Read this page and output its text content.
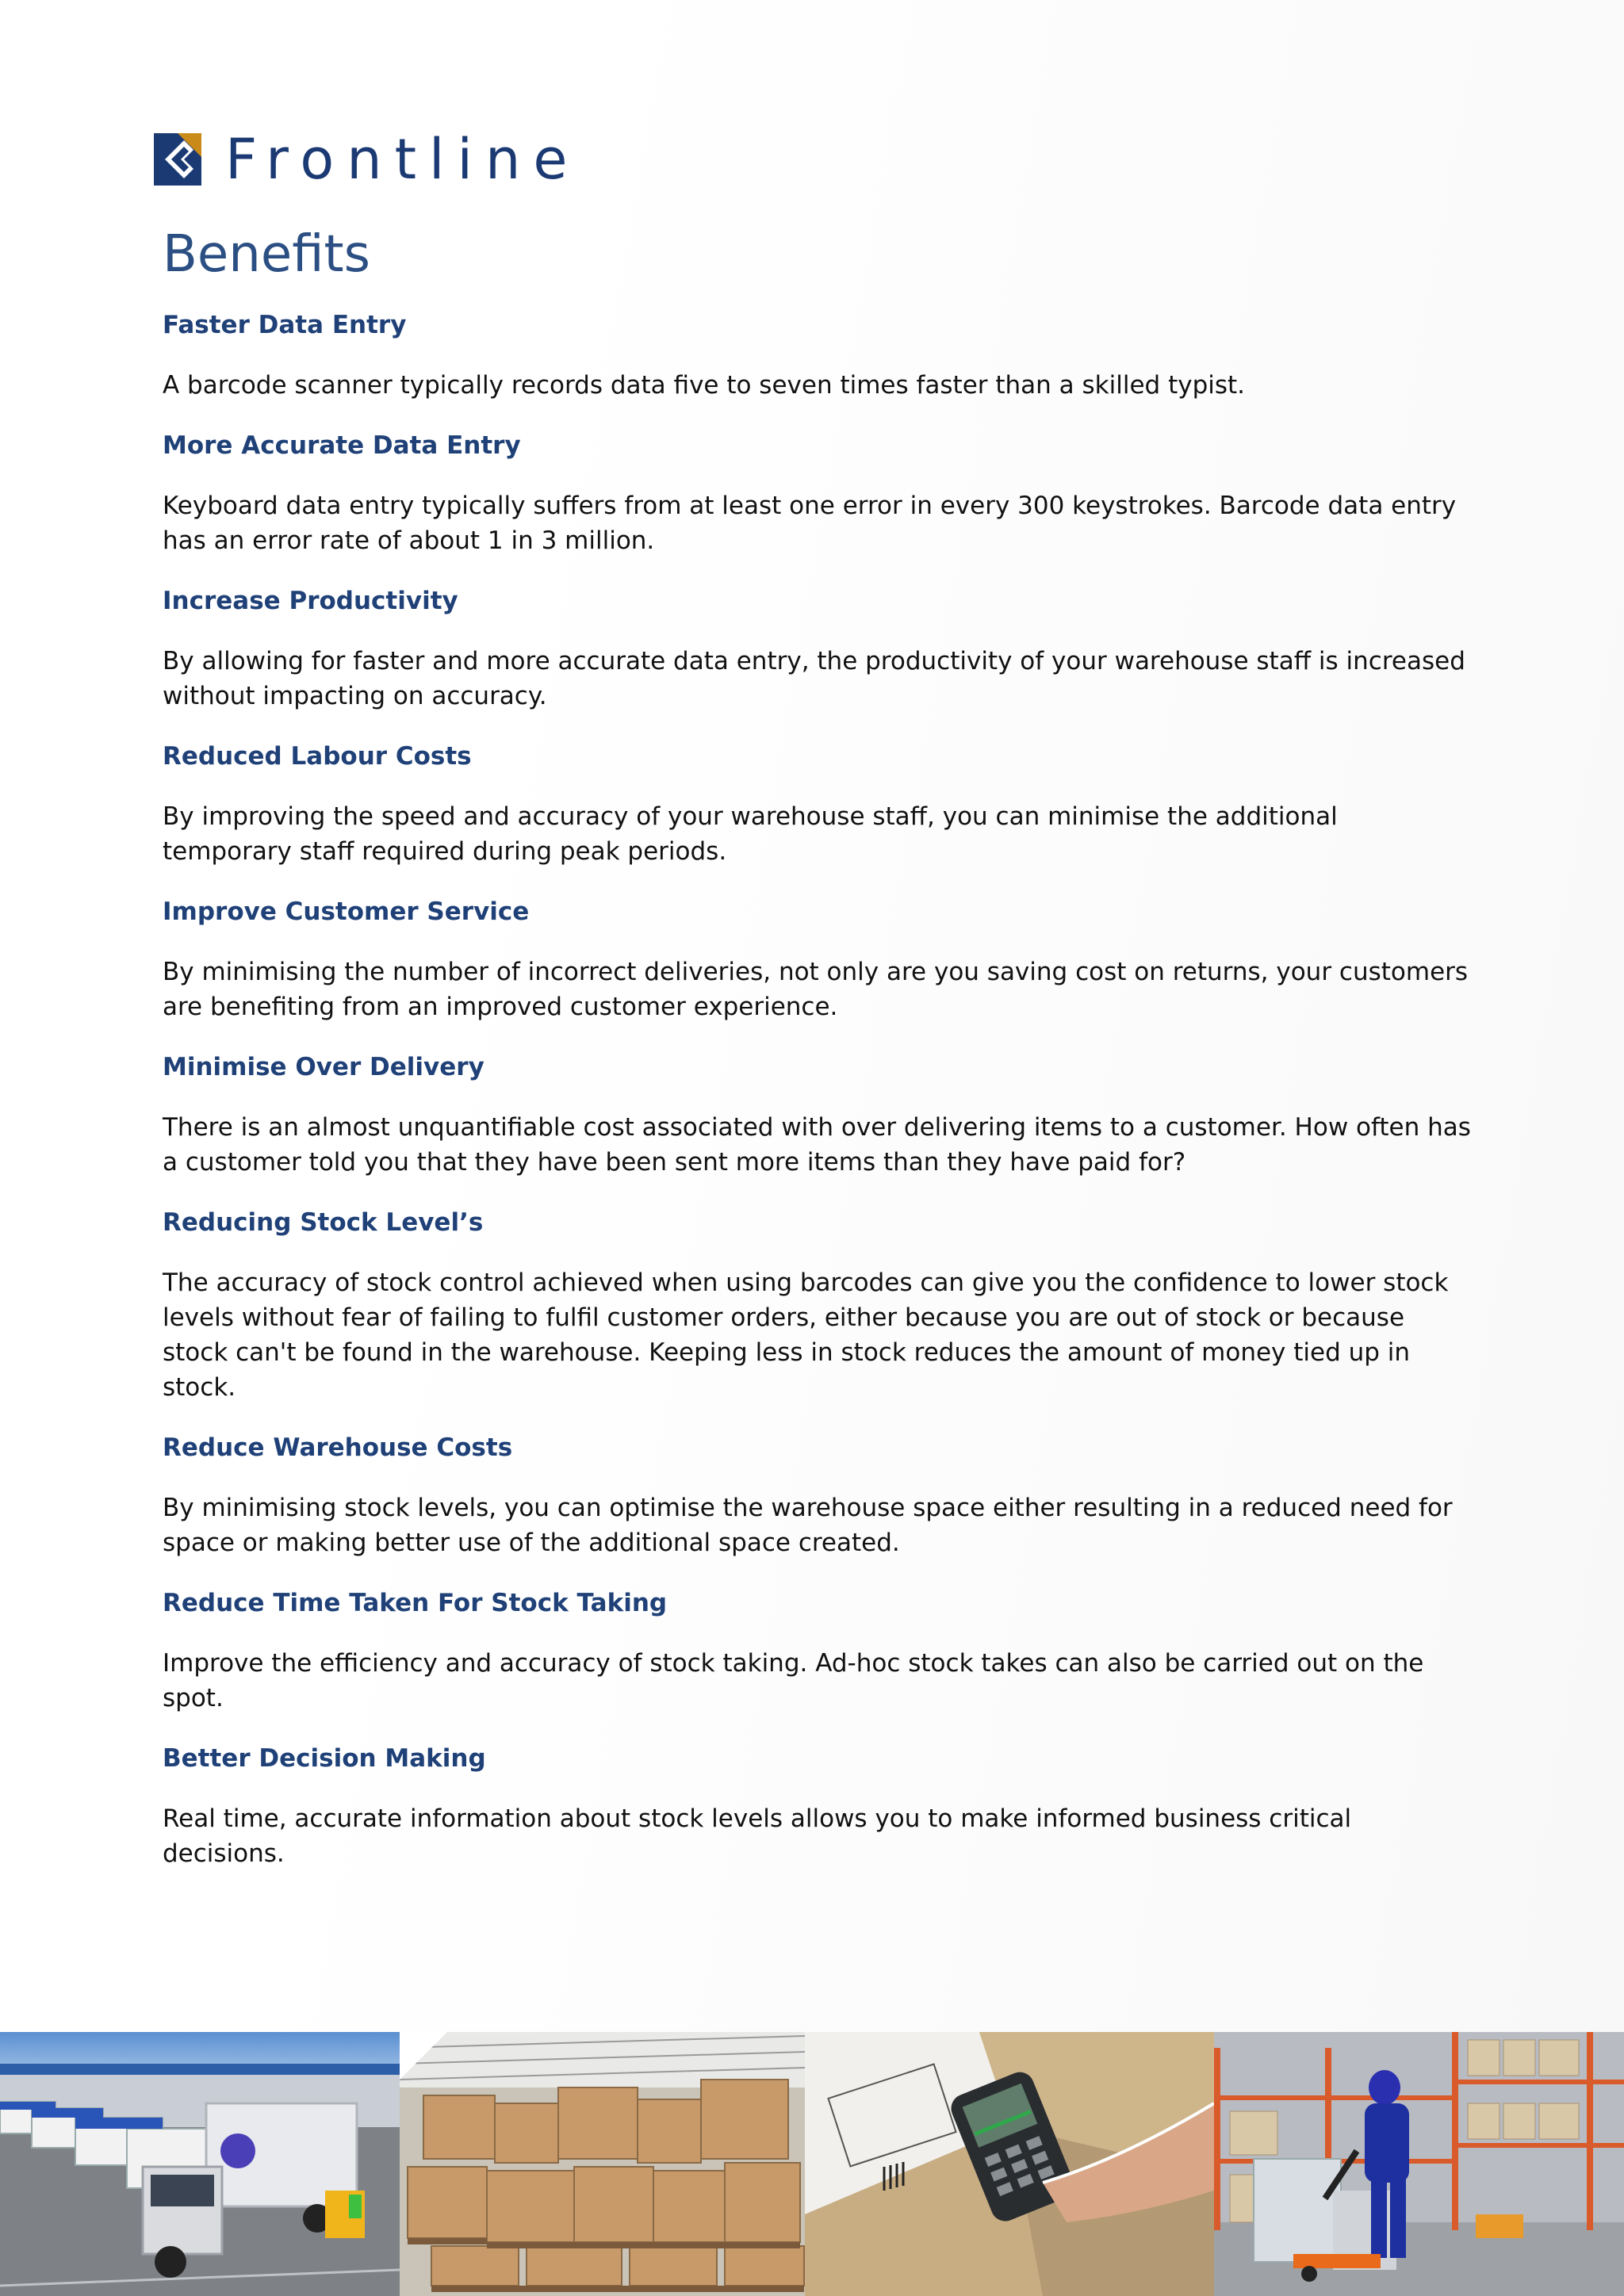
Frontline
Benefits
Faster Data Entry

A barcode scanner typically records data five to seven times faster than a skilled typist.

More Accurate Data Entry

Keyboard data entry typically suffers from at least one error in every 300 keystrokes. Barcode data entry has an error rate of about 1 in 3 million.

Increase Productivity

By allowing for faster and more accurate data entry, the productivity of your warehouse staff is increased without impacting on accuracy.

Reduced Labour Costs

By improving the speed and accuracy of your warehouse staff, you can minimise the additional temporary staff required during peak periods.

Improve Customer Service

By minimising the number of incorrect deliveries, not only are you saving cost on returns, your customers are benefiting from an improved customer experience.

Minimise Over Delivery

There is an almost unquantifiable cost associated with over delivering items to a customer. How often has a customer told you that they have been sent more items than they have paid for?

Reducing Stock Level’s

The accuracy of stock control achieved when using barcodes can give you the confidence to lower stock levels without fear of failing to fulfil customer orders, either because you are out of stock or because stock can't be found in the warehouse. Keeping less in stock reduces the amount of money tied up in stock.

Reduce Warehouse Costs

By minimising stock levels, you can optimise the warehouse space either resulting in a reduced need for space or making better use of the additional space created.

Reduce Time Taken For Stock Taking

Improve the efficiency and accuracy of stock taking. Ad-hoc stock takes can also be carried out on the spot.

Better Decision Making

Real time, accurate information about stock levels allows you to make informed business critical decisions.
